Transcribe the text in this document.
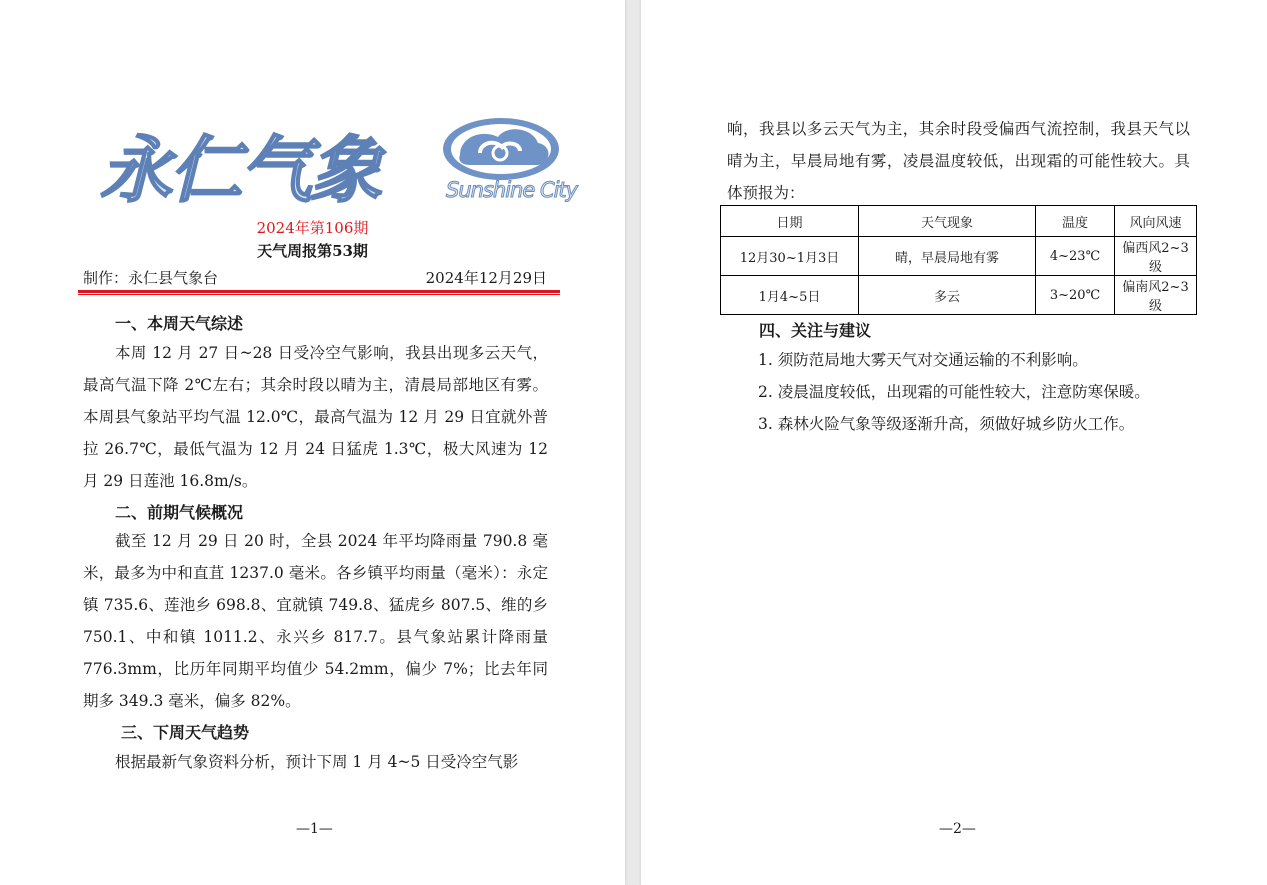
永仁气象	Sunshine City
2024年第106期
天气周报第53期
制作：永仁县气象台	2024年12月29日
一、本周天气综述
本周 12 月 27 日~28 日受冷空气影响，我县出现多云天气，最高气温下降 2℃左右；其余时段以晴为主，清晨局部地区有雾。本周县气象站平均气温 12.0℃，最高气温为 12 月 29 日宜就外普拉 26.7℃，最低气温为 12 月 24 日猛虎 1.3℃，极大风速为 12 月 29 日莲池 16.8m/s。
二、前期气候概况
截至 12 月 29 日 20 时，全县 2024 年平均降雨量 790.8 毫米，最多为中和直苴 1237.0 毫米。各乡镇平均雨量（毫米）：永定镇 735.6、莲池乡 698.8、宜就镇 749.8、猛虎乡 807.5、维的乡 750.1、中和镇 1011.2、永兴乡 817.7。县气象站累计降雨量 776.3mm，比历年同期平均值少 54.2mm，偏少 7%；比去年同期多 349.3 毫米，偏多 82%。
三、下周天气趋势
根据最新气象资料分析，预计下周 1 月 4~5 日受冷空气影
—1—
响，我县以多云天气为主，其余时段受偏西气流控制，我县天气以晴为主，早晨局地有雾，凌晨温度较低，出现霜的可能性较大。具体预报为：
四、关注与建议
—2—
日期	天气现象	温度	风向风速
12月30~1月3日	晴，早晨局地有雾	4~23℃	偏西风2~3级
1月4~5日	多云	3~20℃	偏南风2~3级
1. 须防范局地大雾天气对交通运输的不利影响。
2. 凌晨温度较低，出现霜的可能性较大，注意防寒保暖。
3. 森林火险气象等级逐渐升高，须做好城乡防火工作。
